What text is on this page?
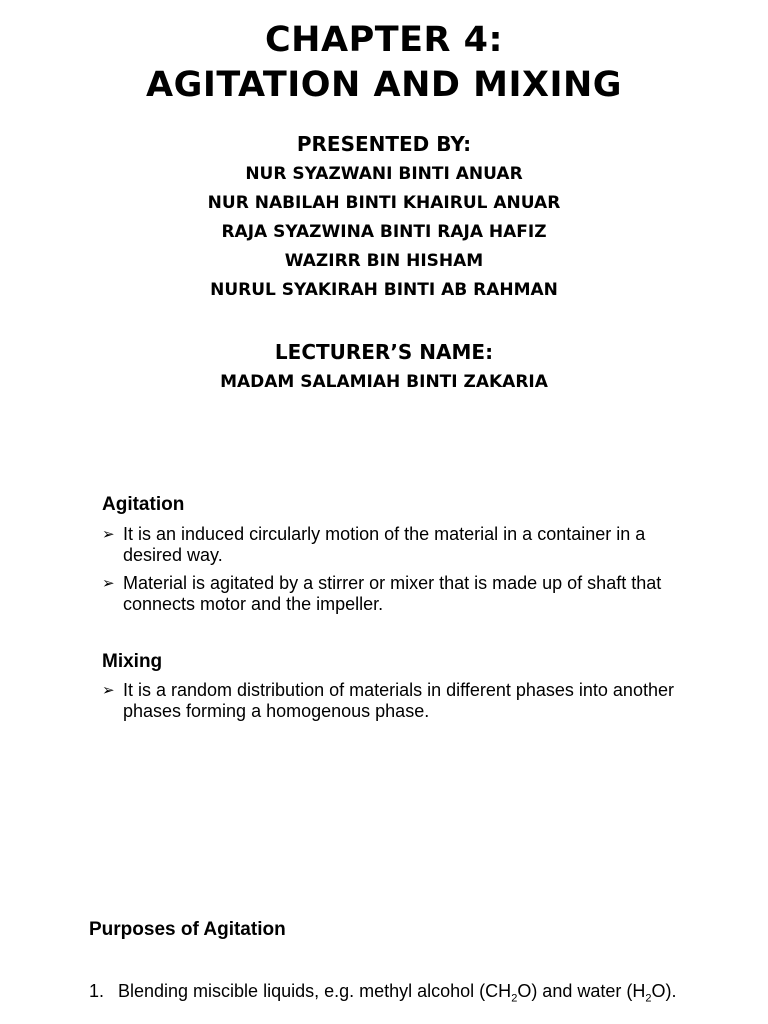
CHAPTER 4:
AGITATION AND MIXING
PRESENTED BY:
NUR SYAZWANI BINTI ANUAR
NUR NABILAH BINTI KHAIRUL ANUAR
RAJA SYAZWINA BINTI RAJA HAFIZ
WAZIRR BIN HISHAM
NURUL SYAKIRAH BINTI AB RAHMAN
LECTURER’S NAME:
MADAM SALAMIAH BINTI ZAKARIA
Agitation
➢ It is an induced circularly motion of the material in a container in a desired way.
➢ Material is agitated by a stirrer or mixer that is made up of shaft that connects motor and the impeller.
Mixing
➢ It is a random distribution of materials in different phases into another phases forming a homogenous phase.
Purposes of Agitation
1. Blending miscible liquids, e.g. methyl alcohol $(CH_2O)$ and water $(H_2O)$.
